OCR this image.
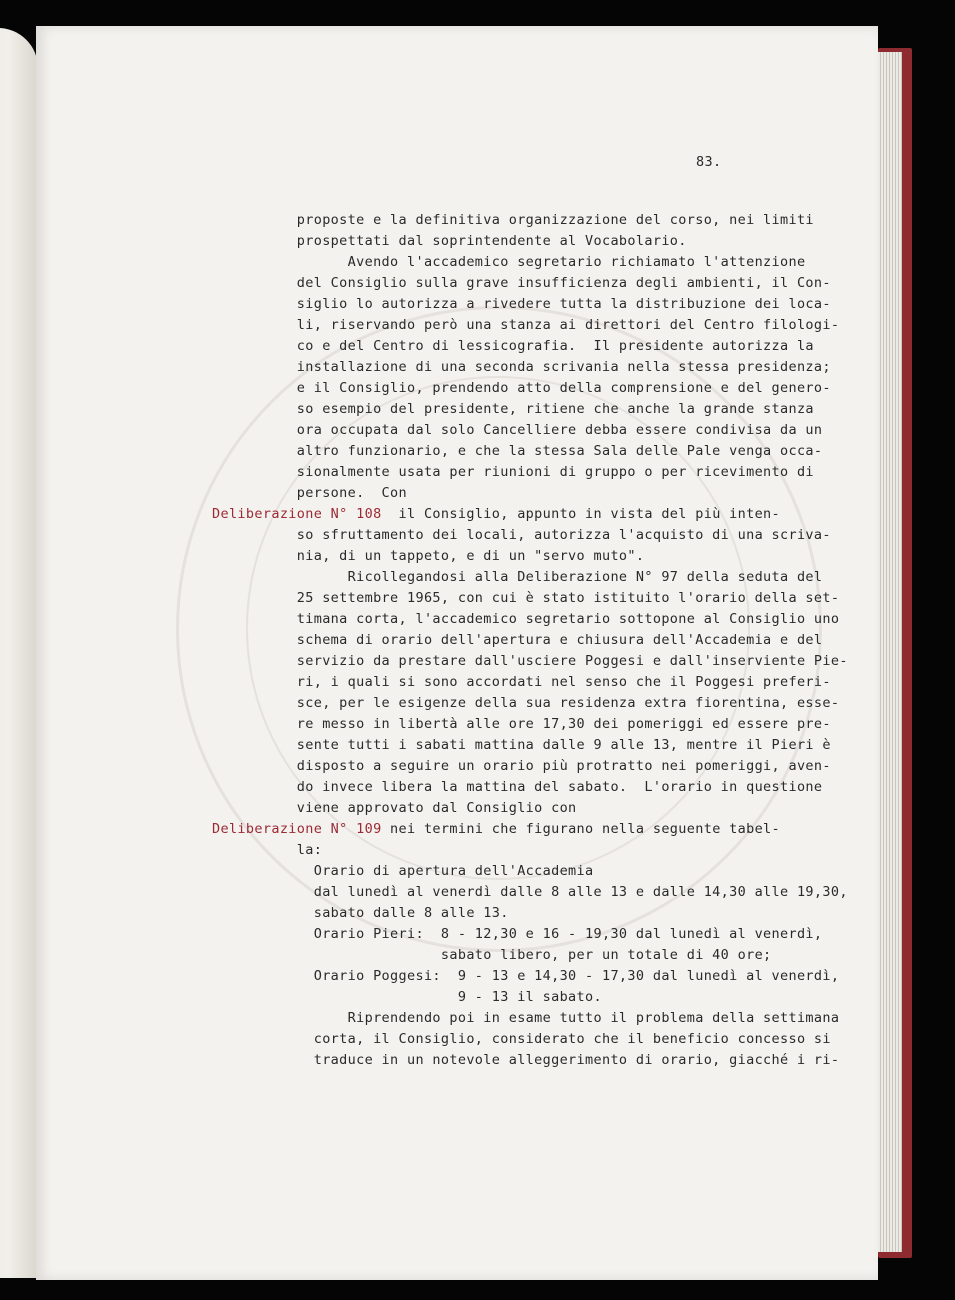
83.
proposte e la definitiva organizzazione del corso, nei limiti
prospettati dal soprintendente al Vocabolario.
Avendo l'accademico segretario richiamato l'attenzione
del Consiglio sulla grave insufficienza degli ambienti, il Con-
siglio lo autorizza a rivedere tutta la distribuzione dei loca-
li, riservando però una stanza ai direttori del Centro filologi-
co e del Centro di lessicografia.  Il presidente autorizza la
installazione di una seconda scrivania nella stessa presidenza;
e il Consiglio, prendendo atto della comprensione e del genero-
so esempio del presidente, ritiene che anche la grande stanza
ora occupata dal solo Cancelliere debba essere condivisa da un
altro funzionario, e che la stessa Sala delle Pale venga occa-
sionalmente usata per riunioni di gruppo o per ricevimento di
persone.  Con
Deliberazione N° 108  il Consiglio, appunto in vista del più inten-
so sfruttamento dei locali, autorizza l'acquisto di una scriva-
nia, di un tappeto, e di un "servo muto".
Ricollegandosi alla Deliberazione N° 97 della seduta del
25 settembre 1965, con cui è stato istituito l'orario della set-
timana corta, l'accademico segretario sottopone al Consiglio uno
schema di orario dell'apertura e chiusura dell'Accademia e del
servizio da prestare dall'usciere Poggesi e dall'inserviente Pie-
ri, i quali si sono accordati nel senso che il Poggesi preferi-
sce, per le esigenze della sua residenza extra fiorentina, esse-
re messo in libertà alle ore 17,30 dei pomeriggi ed essere pre-
sente tutti i sabati mattina dalle 9 alle 13, mentre il Pieri è
disposto a seguire un orario più protratto nei pomeriggi, aven-
do invece libera la mattina del sabato.  L'orario in questione
viene approvato dal Consiglio con
Deliberazione N° 109 nei termini che figurano nella seguente tabel-
la:
Orario di apertura dell'Accademia
dal lunedì al venerdì dalle 8 alle 13 e dalle 14,30 alle 19,30,
sabato dalle 8 alle 13.
Orario Pieri:  8 - 12,30 e 16 - 19,30 dal lunedì al venerdì,
sabato libero, per un totale di 40 ore;
Orario Poggesi:  9 - 13 e 14,30 - 17,30 dal lunedì al venerdì,
9 - 13 il sabato.
Riprendendo poi in esame tutto il problema della settimana
corta, il Consiglio, considerato che il beneficio concesso si
traduce in un notevole alleggerimento di orario, giacché i ri-
